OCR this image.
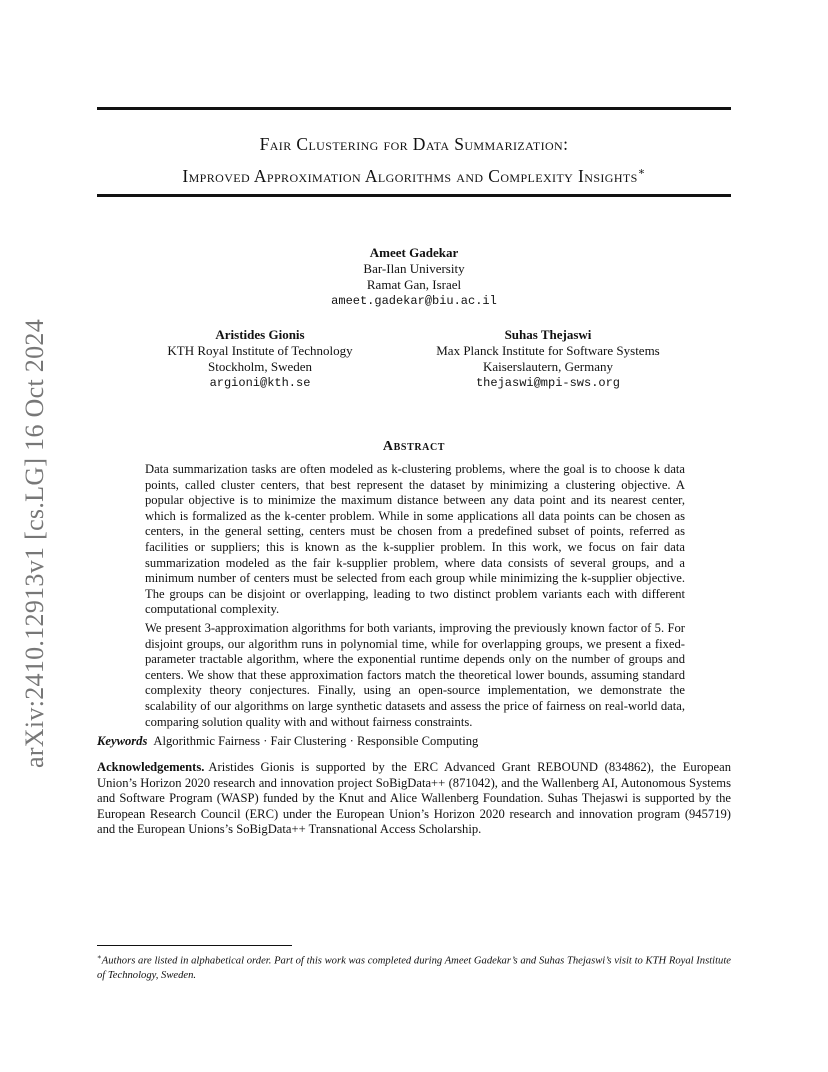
arXiv:2410.12913v1 [cs.LG] 16 Oct 2024
Fair Clustering for Data Summarization:
Improved Approximation Algorithms and Complexity Insights∗
Ameet Gadekar
Bar-Ilan University
Ramat Gan, Israel
ameet.gadekar@biu.ac.il
Aristides Gionis
KTH Royal Institute of Technology
Stockholm, Sweden
argioni@kth.se
Suhas Thejaswi
Max Planck Institute for Software Systems
Kaiserslautern, Germany
thejaswi@mpi-sws.org
Abstract

Data summarization tasks are often modeled as k-clustering problems, where the goal is to choose k data points, called cluster centers, that best represent the dataset by minimizing a clustering objective. A popular objective is to minimize the maximum distance between any data point and its nearest center, which is formalized as the k-center problem. While in some applications all data points can be chosen as centers, in the general setting, centers must be chosen from a predefined subset of points, referred as facilities or suppliers; this is known as the k-supplier problem. In this work, we focus on fair data summarization modeled as the fair k-supplier problem, where data consists of several groups, and a minimum number of centers must be selected from each group while minimizing the k-supplier objective. The groups can be disjoint or overlapping, leading to two distinct problem variants each with different computational complexity.

We present 3-approximation algorithms for both variants, improving the previously known factor of 5. For disjoint groups, our algorithm runs in polynomial time, while for overlapping groups, we present a fixed-parameter tractable algorithm, where the exponential runtime depends only on the number of groups and centers. We show that these approximation factors match the theoretical lower bounds, assuming standard complexity theory conjectures. Finally, using an open-source implementation, we demonstrate the scalability of our algorithms on large synthetic datasets and assess the price of fairness on real-world data, comparing solution quality with and without fairness constraints.

Keywords Algorithmic Fairness · Fair Clustering · Responsible Computing
Acknowledgements. Aristides Gionis is supported by the ERC Advanced Grant REBOUND (834862), the European Union’s Horizon 2020 research and innovation project SoBigData++ (871042), and the Wallenberg AI, Autonomous Systems and Software Program (WASP) funded by the Knut and Alice Wallenberg Foundation. Suhas Thejaswi is supported by the European Research Council (ERC) under the European Union’s Horizon 2020 research and innovation program (945719) and the European Unions’s SoBigData++ Transnational Access Scholarship.
∗Authors are listed in alphabetical order. Part of this work was completed during Ameet Gadekar’s and Suhas Thejaswi’s visit to KTH Royal Institute of Technology, Sweden.
